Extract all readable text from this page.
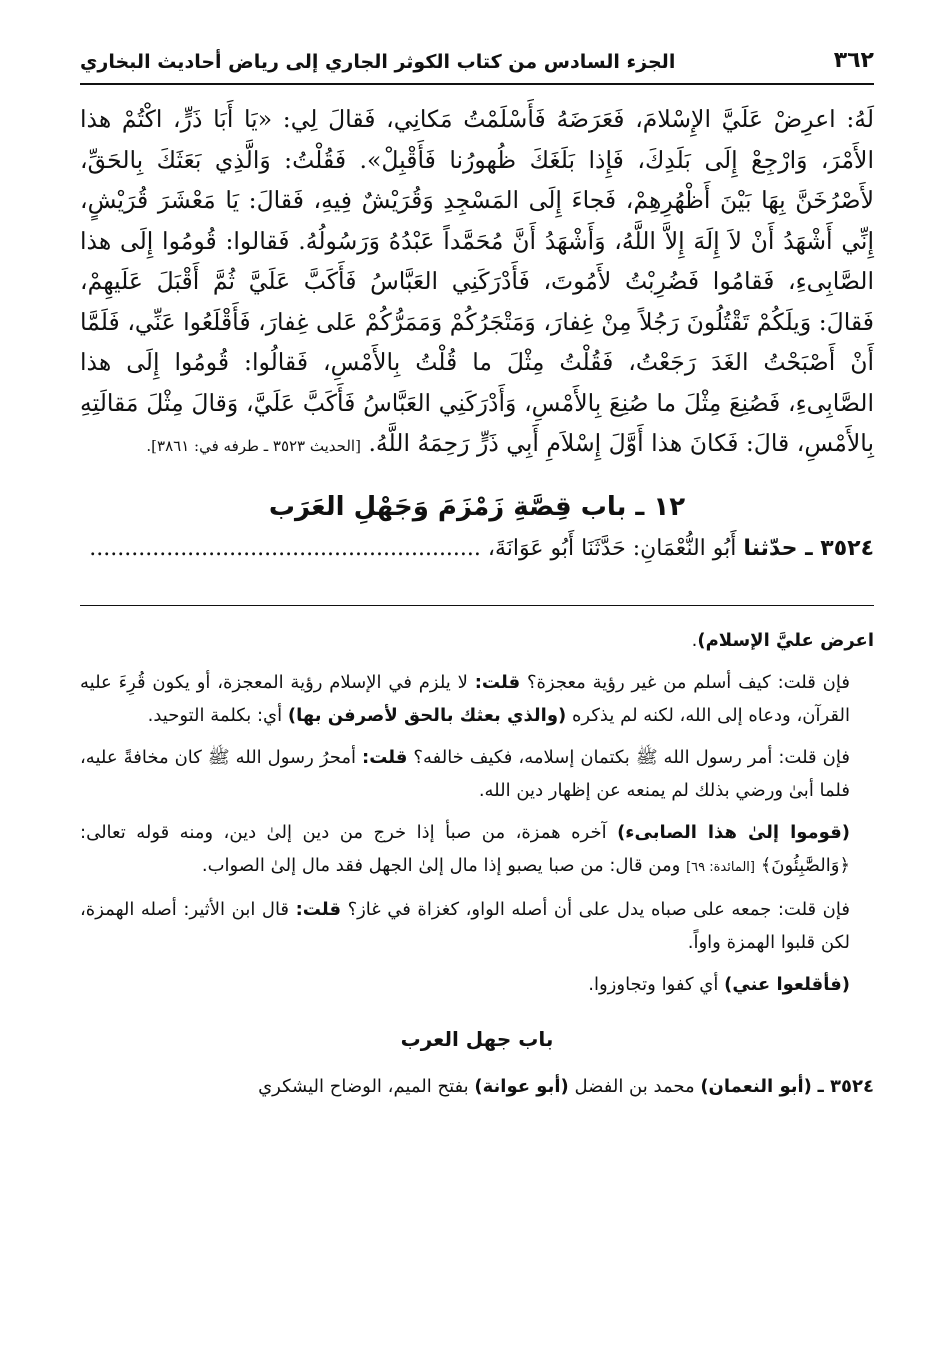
٣٦٢
الجزء السادس من كتاب الكوثر الجاري إلى رياض أحاديث البخاري
لَهُ: اعرِضْ عَلَيَّ الإِسْلامَ، فَعَرَضَهُ فَأَسْلَمْتُ مَكانِي، فَقالَ لِي: «يَا أَبَا ذَرٍّ، اكْتُمْ هذا الأَمْرَ، وَارْجِعْ إِلَى بَلَدِكَ، فَإِذا بَلَغَكَ ظُهورُنا فَأَقْبِلْ». فَقُلْتُ: وَالَّذِي بَعَثَكَ بِالحَقِّ، لأَصْرُخَنَّ بِهَا بَيْنَ أَظْهُرِهِمْ، فَجاءَ إِلَى المَسْجِدِ وَقُرَيْشٌ فِيهِ، فَقالَ: يَا مَعْشَرَ قُرَيْشٍ، إِنِّي أَشْهَدُ أَنْ لاَ إِلَهَ إِلاَّ اللَّهُ، وَأَشْهَدُ أَنَّ مُحَمَّداً عَبْدُهُ وَرَسُولُهُ. فَقالوا: قُومُوا إِلَى هذا الصَّابِىءِ، فَقامُوا فَضُرِبْتُ لأَمُوتَ، فَأَدْرَكَنِي العَبَّاسُ فَأَكَبَّ عَلَيَّ ثُمَّ أَقْبَلَ عَلَيهِمْ، فَقالَ: وَيلَكُمْ تَقْتُلُونَ رَجُلاً مِنْ غِفارَ، وَمَتْجَرُكُمْ وَمَمَرُّكُمْ عَلى غِفارَ، فَأَقْلَعُوا عَنِّي، فَلَمَّا أَنْ أَصْبَحْتُ الغَدَ رَجَعْتُ، فَقُلْتُ مِثْلَ ما قُلْتُ بِالأَمْسِ، فَقالُوا: قُومُوا إِلَى هذا الصَّابِىءِ، فَصُنِعَ مِثْلَ ما صُنِعَ بِالأَمْسِ، وَأَدْرَكَنِي العَبَّاسُ فَأَكَبَّ عَلَيَّ، وَقالَ مِثْلَ مَقالَتِهِ بِالأَمْسِ، قالَ: فَكانَ هذا أَوَّلَ إِسْلاَمِ أَبِي ذَرٍّ رَحِمَهُ اللَّهُ. [الحديث ٣٥٢٣ ـ طرفه في: ٣٨٦١].
١٢ ـ باب قِصَّةِ زَمْزَمَ وَجَهْلِ العَرَب
٣٥٢٤ ـ حدّثنا أَبُو النُّعْمَانِ: حَدَّثَنَا أَبُو عَوَانَةَ، ........................................................

اعرض عليَّ الإسلام).

فإن قلت: كيف أسلم من غير رؤية معجزة؟ قلت: لا يلزم في الإسلام رؤية المعجزة، أو يكون قُرِءَ عليه القرآن، ودعاه إلى الله، لكنه لم يذكره (والذي بعثك بالحق لأصرفن بها) أي: بكلمة التوحيد.

فإن قلت: أمر رسول الله ﷺ بكتمان إسلامه، فكيف خالفه؟ قلت: أمحرُ رسول الله ﷺ كان مخافةً عليه، فلما أبىٰ ورضي بذلك لم يمنعه عن إظهار دين الله.

(قوموا إلىٰ هذا الصابىء) آخره همزة، من صبأ إذا خرج من دين إلىٰ دين، ومنه قوله تعالى: ﴿وَالصَّٰبِئُونَ﴾ [المائدة: ٦٩] ومن قال: من صبا يصبو إذا مال إلىٰ الجهل فقد مال إلىٰ الصواب.

فإن قلت: جمعه على صباه يدل على أن أصله الواو، كغزاة في غاز؟ قلت: قال ابن الأثير: أصله الهمزة، لكن قلبوا الهمزة واواً.

(فأقلعوا عني) أي كفوا وتجاوزوا.

باب جهل العرب

٣٥٢٤ ـ (أبو النعمان) محمد بن الفضل (أبو عوانة) بفتح الميم، الوضاح اليشكري
